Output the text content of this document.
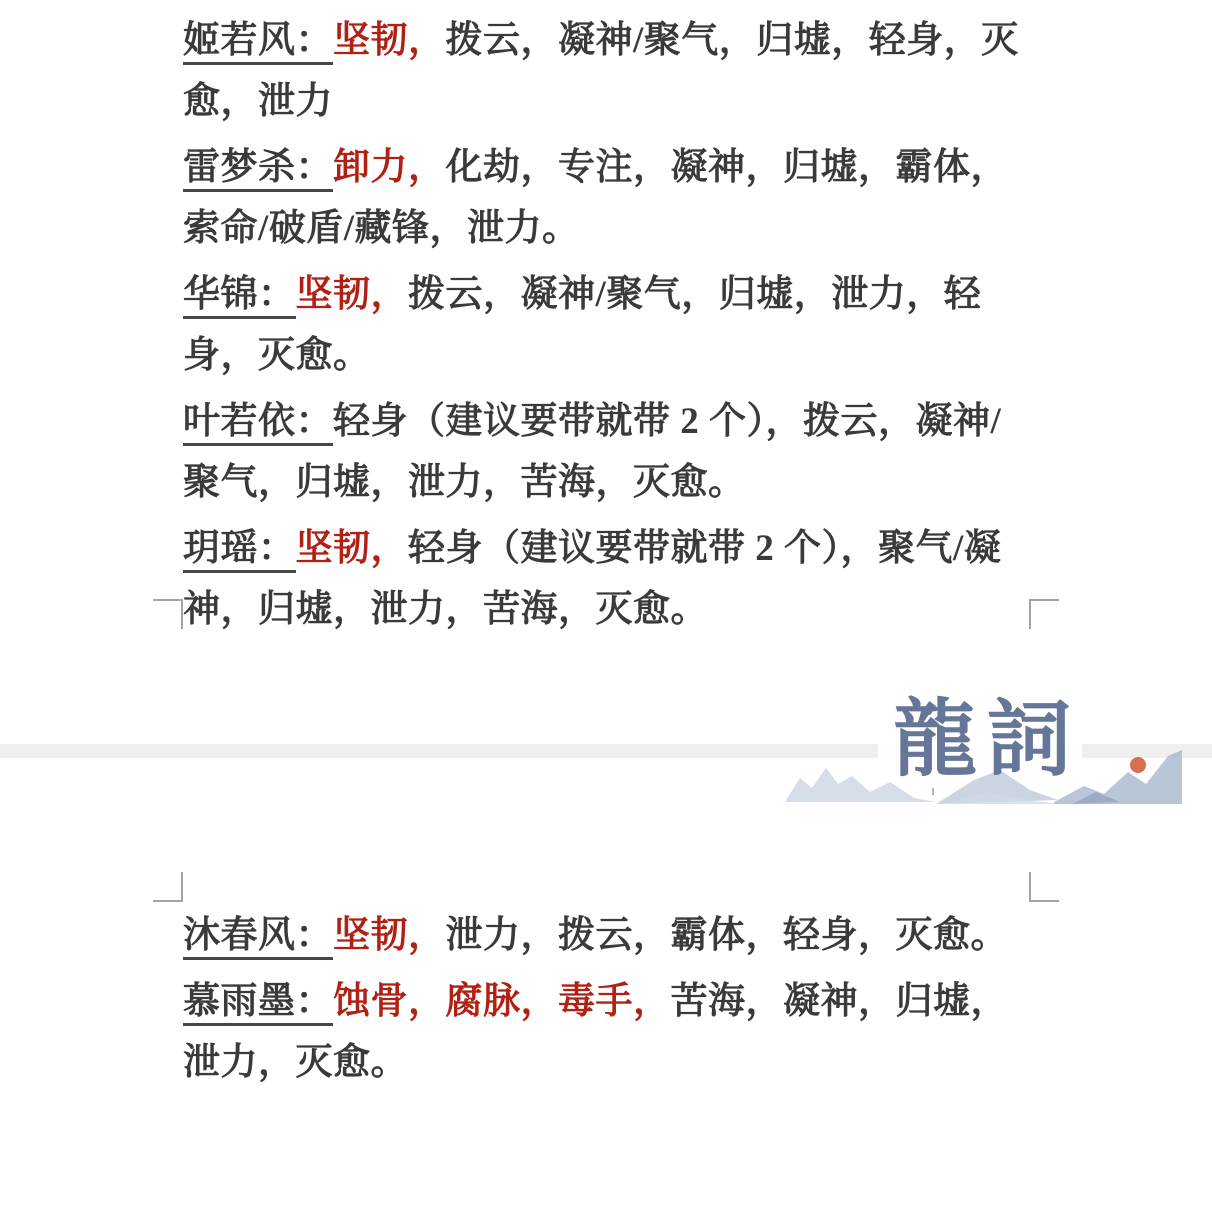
姬若风：坚韧，拨云，凝神/聚气，归墟，轻身，灭愈，泄力

雷梦杀：卸力，化劫，专注，凝神，归墟，霸体，索命/破盾/藏锋，泄力。

华锦：坚韧，拨云，凝神/聚气，归墟，泄力，轻身，灭愈。

叶若依：轻身（建议要带就带 2 个），拨云，凝神/聚气，归墟，泄力，苦海，灭愈。

玥瑶：坚韧，轻身（建议要带就带 2 个），聚气/凝神，归墟，泄力，苦海，灭愈。

沐春风：坚韧，泄力，拨云，霸体，轻身，灭愈。

慕雨墨：蚀骨，腐脉，毒手，苦海，凝神，归墟，泄力，灭愈。

龍詞
